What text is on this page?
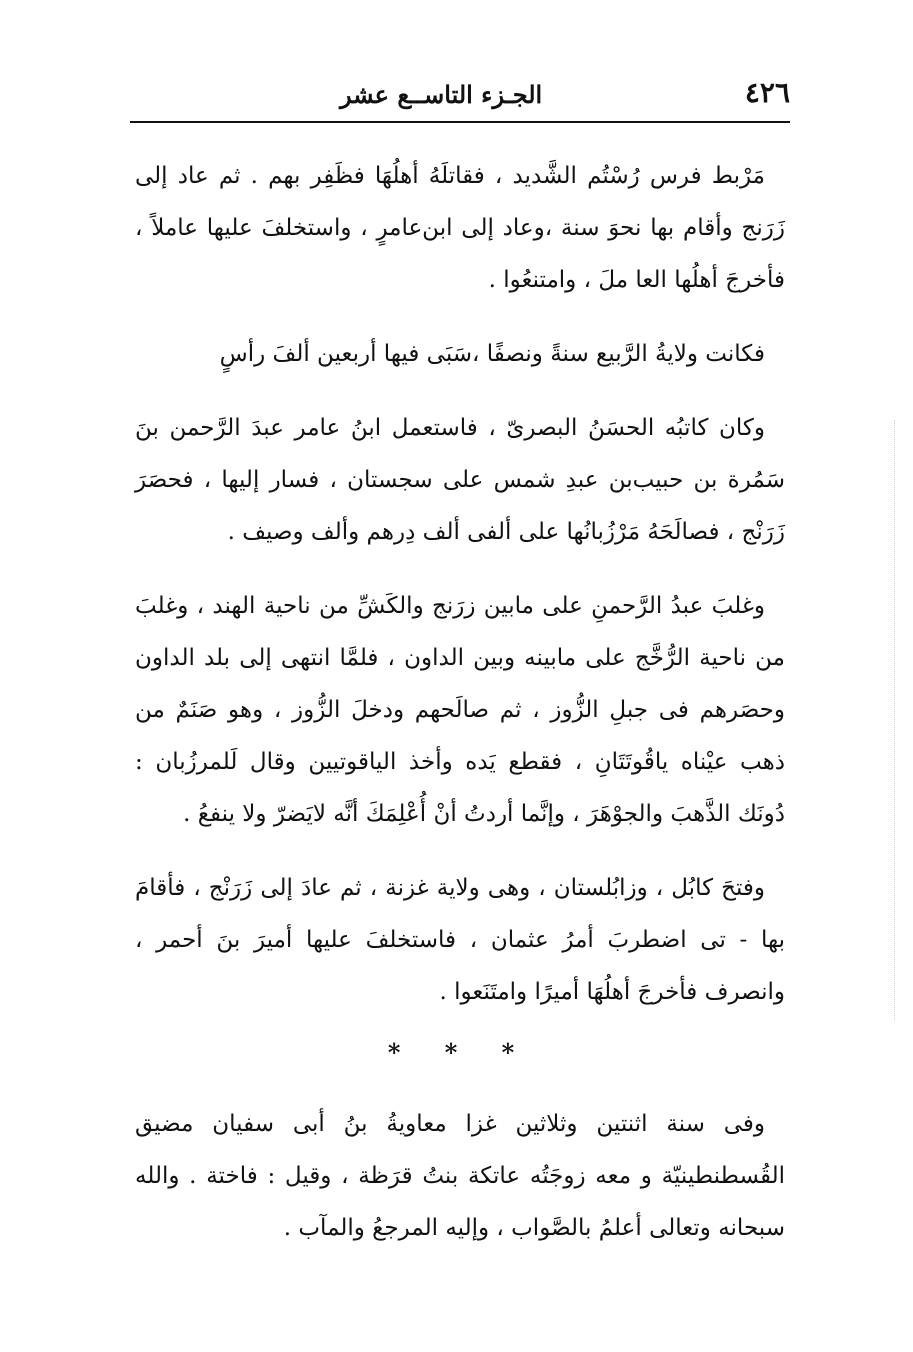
٤٢٦
الجـزء التاســع عشر

مَرْبط فرس رُسْتُم الشَّديد ، فقاتلَهُ أهلُهَا فظَفِر بهم . ثم عاد إلى زَرَنج وأقام بها نحوَ سنة ،وعاد إلى ابن‌عامرٍ ، واستخلفَ عليها عاملاً ، فأخرجَ أهلُها العا ملَ ، وامتنعُوا .

فكانت ولايةُ الرَّبيع سنةً ونصفًا ،سَبَى فيها أربعين ألفَ رأسٍ

وكان كاتبُه الحسَنُ البصرىّ ، فاستعمل ابنُ عامر عبدَ الرَّحمن بنَ سَمُرة بن حبيب‌بن عبدِ شمس على سجستان ، فسار إليها ، فحصَرَ زَرَنْج ، فصالَحَهُ مَرْزُبانُها على ألفى ألف دِرهم وألف وصيف .

وغلبَ عبدُ الرَّحمنِ على مابين زرَنج والكَشِّ من ناحية الهند ، وغلبَ من ناحية الرُّخَّج على مابينه وبين الداون ، فلمَّا انتهى إلى بلد الداون وحصَرهم فى جبلِ الزُّوز ، ثم صالَحهم ودخلَ الزُّوز ، وهو صَنَمٌ من ذهب عيْناه ياقُوتَتَانِ ، فقطع يَده وأخذ الياقوتيين وقال لَلمرزُبان : دُونَك الذَّهبَ والجوْهَرَ ، وإنَّما أردتُ أنْ أُعْلِمَكَ أنَّه لايَضرّ ولا ينفعُ .

وفتحَ كابُل ، وزابُلستان ، وهى ولاية غزنة ، ثم عادَ إلى زَرَنْج ، فأقامَ بها - تى اضطربَ أمرُ عثمان ، فاستخلفَ عليها أميرَ بنَ أحمر ، وانصرف فأخرجَ أهلُهَا أميرًا وامتَنَعوا .

* * *

وفى سنة اثنتين وثلاثين غزا معاويةُ بنُ أبى سفيان مضيق القُسطنطينيّة و معه زوجَتُه عاتكة بنتُ قرَظة ، وقيل : فاختة . والله سبحانه وتعالى أعلمُ بالصَّواب ، وإليه المرجعُ والمآب .
